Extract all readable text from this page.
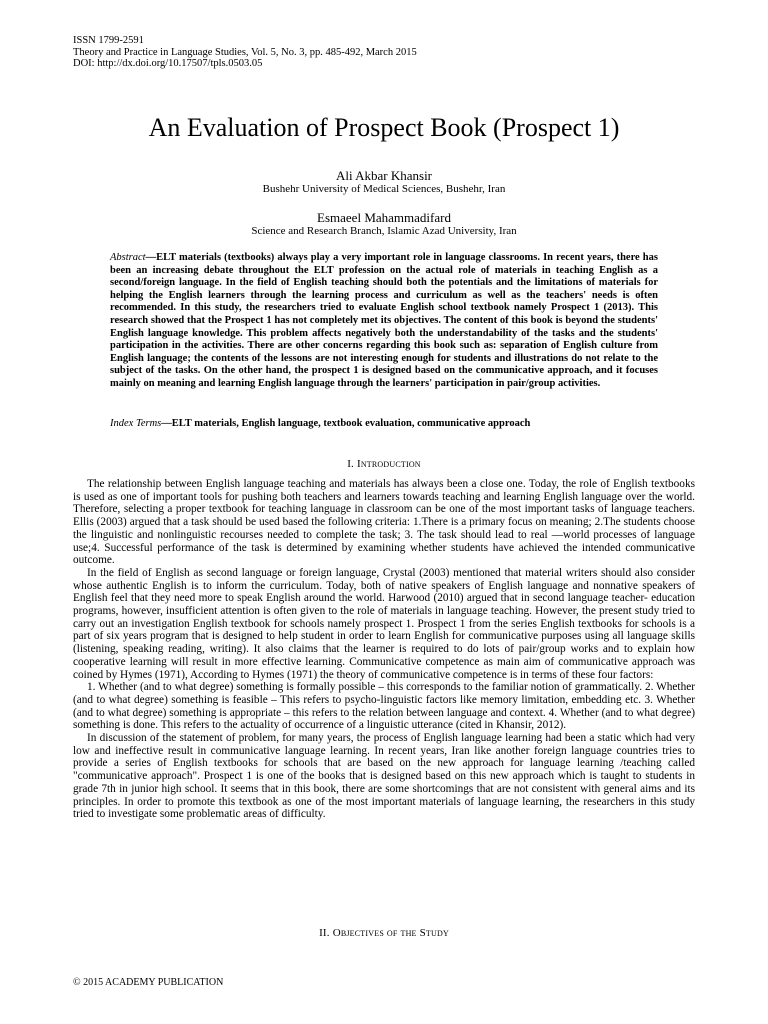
ISSN 1799-2591
Theory and Practice in Language Studies, Vol. 5, No. 3, pp. 485-492, March 2015
DOI: http://dx.doi.org/10.17507/tpls.0503.05
An Evaluation of Prospect Book (Prospect 1)
Ali Akbar Khansir
Bushehr University of Medical Sciences, Bushehr, Iran
Esmaeel Mahammadifard
Science and Research Branch, Islamic Azad University, Iran
Abstract—ELT materials (textbooks) always play a very important role in language classrooms. In recent years, there has been an increasing debate throughout the ELT profession on the actual role of materials in teaching English as a second/foreign language. In the field of English teaching should both the potentials and the limitations of materials for helping the English learners through the learning process and curriculum as well as the teachers' needs is often recommended. In this study, the researchers tried to evaluate English school textbook namely Prospect 1 (2013). This research showed that the Prospect 1 has not completely met its objectives. The content of this book is beyond the students' English language knowledge. This problem affects negatively both the understandability of the tasks and the students' participation in the activities. There are other concerns regarding this book such as: separation of English culture from English language; the contents of the lessons are not interesting enough for students and illustrations do not relate to the subject of the tasks. On the other hand, the prospect 1 is designed based on the communicative approach, and it focuses mainly on meaning and learning English language through the learners' participation in pair/group activities.
Index Terms—ELT materials, English language, textbook evaluation, communicative approach
I. Introduction

The relationship between English language teaching and materials has always been a close one. Today, the role of English textbooks is used as one of important tools for pushing both teachers and learners towards teaching and learning English language over the world. Therefore, selecting a proper textbook for teaching language in classroom can be one of the most important tasks of language teachers. Ellis (2003) argued that a task should be used based the following criteria: 1.There is a primary focus on meaning; 2.The students choose the linguistic and nonlinguistic recourses needed to complete the task; 3. The task should lead to real ―world processes of language use;4. Successful performance of the task is determined by examining whether students have achieved the intended communicative outcome.

In the field of English as second language or foreign language, Crystal (2003) mentioned that material writers should also consider whose authentic English is to inform the curriculum. Today, both of native speakers of English language and nonnative speakers of English feel that they need more to speak English around the world. Harwood (2010) argued that in second language teacher- education programs, however, insufficient attention is often given to the role of materials in language teaching. However, the present study tried to carry out an investigation English textbook for schools namely prospect 1. Prospect 1 from the series English textbooks for schools is a part of six years program that is designed to help student in order to learn English for communicative purposes using all language skills (listening, speaking reading, writing). It also claims that the learner is required to do lots of pair/group works and to explain how cooperative learning will result in more effective learning. Communicative competence as main aim of communicative approach was coined by Hymes (1971), According to Hymes (1971) the theory of communicative competence is in terms of these four factors:

1. Whether (and to what degree) something is formally possible – this corresponds to the familiar notion of grammatically. 2. Whether (and to what degree) something is feasible – This refers to psycho-linguistic factors like memory limitation, embedding etc. 3. Whether (and to what degree) something is appropriate – this refers to the relation between language and context. 4. Whether (and to what degree) something is done. This refers to the actuality of occurrence of a linguistic utterance (cited in Khansir, 2012).

In discussion of the statement of problem, for many years, the process of English language learning had been a static which had very low and ineffective result in communicative language learning. In recent years, Iran like another foreign language countries tries to provide a series of English textbooks for schools that are based on the new approach for language learning /teaching called "communicative approach". Prospect 1 is one of the books that is designed based on this new approach which is taught to students in grade 7th in junior high school. It seems that in this book, there are some shortcomings that are not consistent with general aims and its principles. In order to promote this textbook as one of the most important materials of language learning, the researchers in this study tried to investigate some problematic areas of difficulty.

II. Objectives of the Study
© 2015 ACADEMY PUBLICATION
